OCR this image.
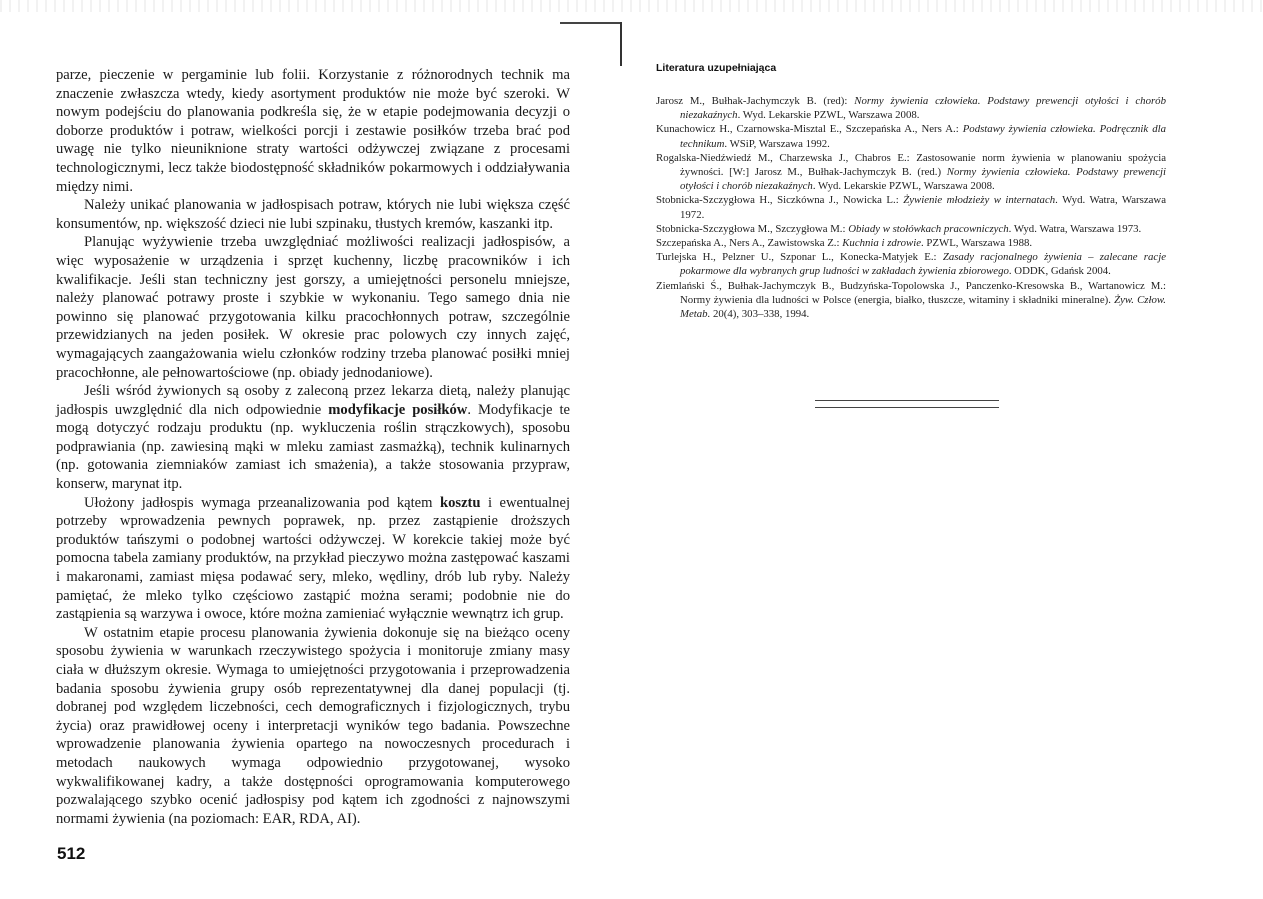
parze, pieczenie w pergaminie lub folii. Korzystanie z różnorodnych technik ma znaczenie zwłaszcza wtedy, kiedy asortyment produktów nie może być szeroki. W nowym podejściu do planowania podkreśla się, że w etapie podejmowania decyzji o doborze produktów i potraw, wielkości porcji i zestawie posiłków trzeba brać pod uwagę nie tylko nieuniknione straty wartości odżywczej związane z procesami technologicznymi, lecz także biodostępność składników pokarmowych i oddziaływania między nimi.

Należy unikać planowania w jadłospisach potraw, których nie lubi większa część konsumentów, np. większość dzieci nie lubi szpinaku, tłustych kremów, kaszanki itp.

Planując wyżywienie trzeba uwzględniać możliwości realizacji jadłospisów, a więc wyposażenie w urządzenia i sprzęt kuchenny, liczbę pracowników i ich kwalifikacje. Jeśli stan techniczny jest gorszy, a umiejętności personelu mniejsze, należy planować potrawy proste i szybkie w wykonaniu. Tego samego dnia nie powinno się planować przygotowania kilku pracochłonnych potraw, szczególnie przewidzianych na jeden posiłek. W okresie prac polowych czy innych zajęć, wymagających zaangażowania wielu członków rodziny trzeba planować posiłki mniej pracochłonne, ale pełnowartościowe (np. obiady jednodaniowe).

Jeśli wśród żywionych są osoby z zaleconą przez lekarza dietą, należy planując jadłospis uwzględnić dla nich odpowiednie modyfikacje posiłków. Modyfikacje te mogą dotyczyć rodzaju produktu (np. wykluczenia roślin strączkowych), sposobu podprawiania (np. zawiesiną mąki w mleku zamiast zasmażką), technik kulinarnych (np. gotowania ziemniaków zamiast ich smażenia), a także stosowania przypraw, konserw, marynat itp.

Ułożony jadłospis wymaga przeanalizowania pod kątem kosztu i ewentualnej potrzeby wprowadzenia pewnych poprawek, np. przez zastąpienie droższych produktów tańszymi o podobnej wartości odżywczej. W korekcie takiej może być pomocna tabela zamiany produktów, na przykład pieczywo można zastępować kaszami i makaronami, zamiast mięsa podawać sery, mleko, wędliny, drób lub ryby. Należy pamiętać, że mleko tylko częściowo zastąpić można serami; podobnie nie do zastąpienia są warzywa i owoce, które można zamieniać wyłącznie wewnątrz ich grup.

W ostatnim etapie procesu planowania żywienia dokonuje się na bieżąco oceny sposobu żywienia w warunkach rzeczywistego spożycia i monitoruje zmiany masy ciała w dłuższym okresie. Wymaga to umiejętności przygotowania i przeprowadzenia badania sposobu żywienia grupy osób reprezentatywnej dla danej populacji (tj. dobranej pod względem liczebności, cech demograficznych i fizjologicznych, trybu życia) oraz prawidłowej oceny i interpretacji wyników tego badania. Powszechne wprowadzenie planowania żywienia opartego na nowoczesnych procedurach i metodach naukowych wymaga odpowiednio przygotowanej, wysoko wykwalifikowanej kadry, a także dostępności oprogramowania komputerowego pozwalającego szybko ocenić jadłospisy pod kątem ich zgodności z najnowszymi normami żywienia (na poziomach: EAR, RDA, AI).

512

Literatura uzupełniająca

Jarosz M., Bułhak-Jachymczyk B. (red): Normy żywienia człowieka. Podstawy prewencji otyłości i chorób niezakaźnych. Wyd. Lekarskie PZWL, Warszawa 2008.

Kunachowicz H., Czarnowska-Misztal E., Szczepańska A., Ners A.: Podstawy żywienia człowieka. Podręcznik dla technikum. WSiP, Warszawa 1992.

Rogalska-Niedźwiedź M., Charzewska J., Chabros E.: Zastosowanie norm żywienia w planowaniu spożycia żywności. [W:] Jarosz M., Bułhak-Jachymczyk B. (red.) Normy żywienia człowieka. Podstawy prewencji otyłości i chorób niezakaźnych. Wyd. Lekarskie PZWL, Warszawa 2008.

Stobnicka-Szczygłowa H., Siczkówna J., Nowicka L.: Żywienie młodzieży w internatach. Wyd. Watra, Warszawa 1972.

Stobnicka-Szczygłowa M., Szczygłowa M.: Obiady w stołówkach pracowniczych. Wyd. Watra, Warszawa 1973.

Szczepańska A., Ners A., Zawistowska Z.: Kuchnia i zdrowie. PZWL, Warszawa 1988.

Turlejska H., Pelzner U., Szponar L., Konecka-Matyjek E.: Zasady racjonalnego żywienia – zalecane racje pokarmowe dla wybranych grup ludności w zakładach żywienia zbiorowego. ODDK, Gdańsk 2004.

Ziemlański Ś., Bułhak-Jachymczyk B., Budzyńska-Topolowska J., Panczenko-Kresowska B., Wartanowicz M.: Normy żywienia dla ludności w Polsce (energia, białko, tłuszcze, witaminy i składniki mineralne). Żyw. Człow. Metab. 20(4), 303–338, 1994.
